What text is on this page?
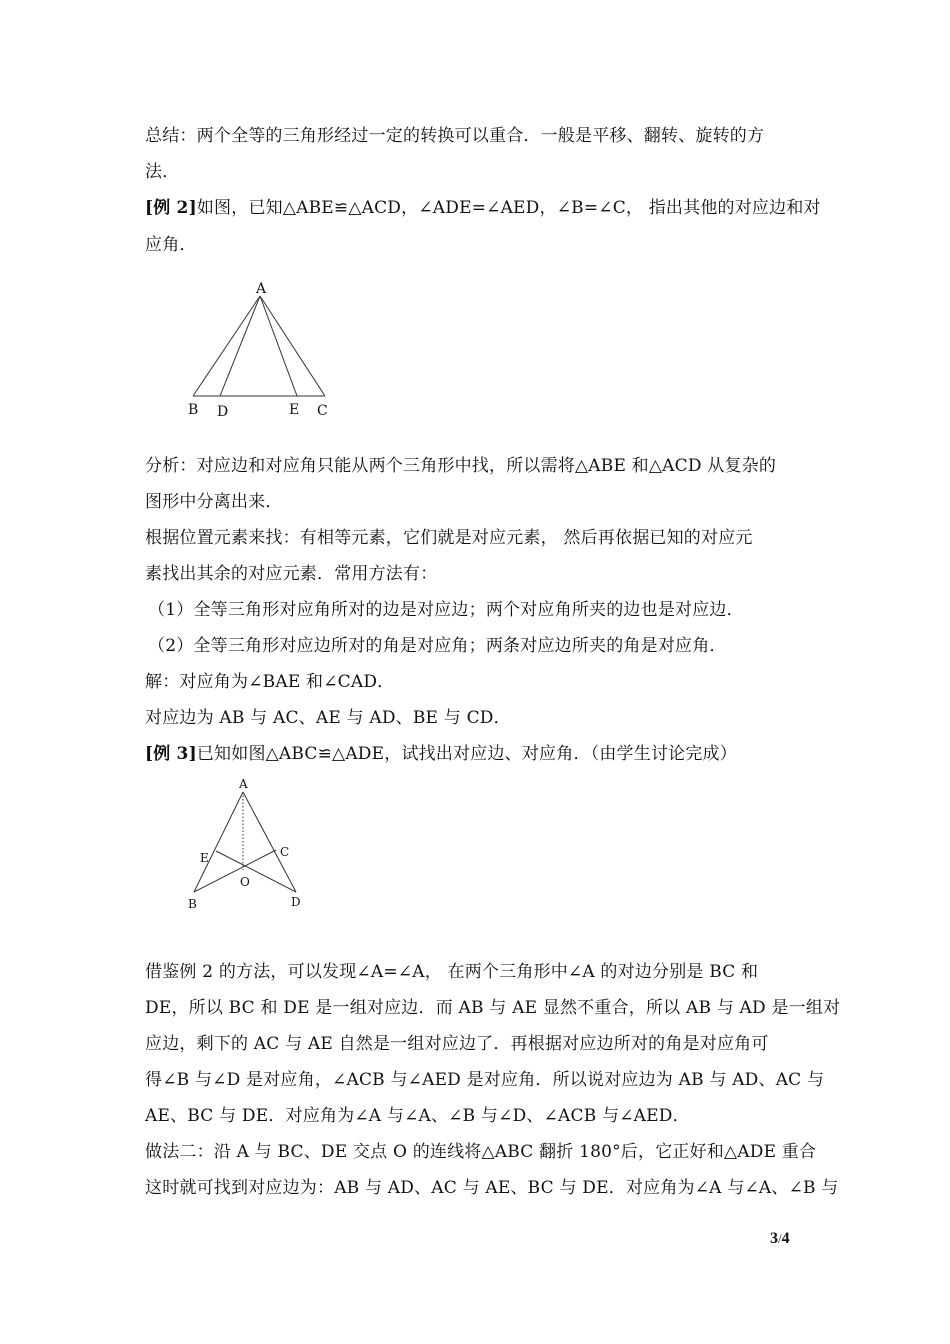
总结：两个全等的三角形经过一定的转换可以重合．一般是平移、翻转、旋转的方
法．
[例 2]如图，已知△ABE≌△ACD，∠ADE=∠AED，∠B=∠C， 指出其他的对应边和对
应角．
A
B D	E C
分析：对应边和对应角只能从两个三角形中找，所以需将△ABE 和△ACD 从复杂的
图形中分离出来．
根据位置元素来找：有相等元素，它们就是对应元素， 然后再依据已知的对应元
素找出其余的对应元素．常用方法有：
（1）全等三角形对应角所对的边是对应边；两个对应角所夹的边也是对应边．
（2）全等三角形对应边所对的角是对应角；两条对应边所夹的角是对应角．
解：对应角为∠BAE 和∠CAD．
对应边为 AB 与 AC、AE 与 AD、BE 与 CD．
[例 3]已知如图△ABC≌△ADE，试找出对应边、对应角．（由学生讨论完成）
A
E	C
O
B	D
借鉴例 2 的方法，可以发现∠A=∠A， 在两个三角形中∠A 的对边分别是 BC 和
DE，所以 BC 和 DE 是一组对应边．而 AB 与 AE 显然不重合，所以 AB 与 AD 是一组对
应边，剩下的 AC 与 AE 自然是一组对应边了．再根据对应边所对的角是对应角可
得∠B 与∠D 是对应角，∠ACB 与∠AED 是对应角．所以说对应边为 AB 与 AD、AC 与
AE、BC 与 DE．对应角为∠A 与∠A、∠B 与∠D、∠ACB 与∠AED．
做法二：沿 A 与 BC、DE 交点 O 的连线将△ABC 翻折 180°后，它正好和△ADE 重合
这时就可找到对应边为：AB 与 AD、AC 与 AE、BC 与 DE．对应角为∠A 与∠A、∠B 与
3/4
